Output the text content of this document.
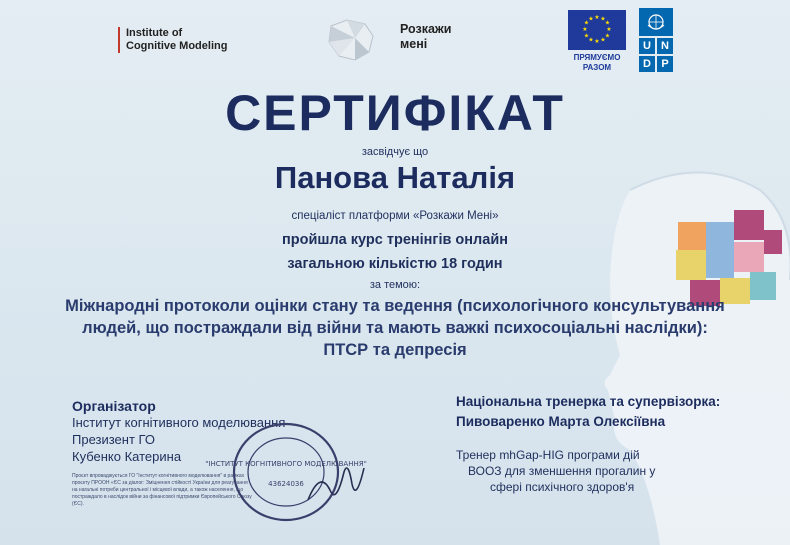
Institute of
Cognitive Modeling
Розкажи
мені
★ ★
★
★
★
★
★
★
★
★
★
★
ПРЯМУЄМО
РАЗОМ
U N
D P
СЕРТИФІКАТ
засвідчує що
Панова Наталія
спеціаліст платформи «Розкажи Мені»
пройшла курс тренінгів онлайн
загальною кількістю 18 годин
за темою:
Міжнародні протоколи оцінки стану та ведення (психологічного консультування
людей, що постраждали від війни та мають важкі психосоціальні наслідки):
ПТСР та депресія
Організатор
Інститут когнітивного моделювання
Презизент ГО
Кубенко Катерина
Проєкт впроваджується ГО "Інститут когнітивного моделювання" в рамках проєкту ПРООН «ЄС за діалог: Зміцнення стійкості України для реагування на нагальні потреби центральної і місцевої влади, а також населення, що постраждало в наслідок війни за фінансової підтримки Європейського Союзу (ЄС).
"ІНСТИТУТ КОГНІТИВНОГО МОДЕЛЮВАННЯ"
43624036
Національна тренерка та супервізорка:
Пивоваренко Марта Олексіївна
Тренер mhGap-HIG програми дій
ВООЗ для зменшення прогалин у
сфері психічного здоров'я
